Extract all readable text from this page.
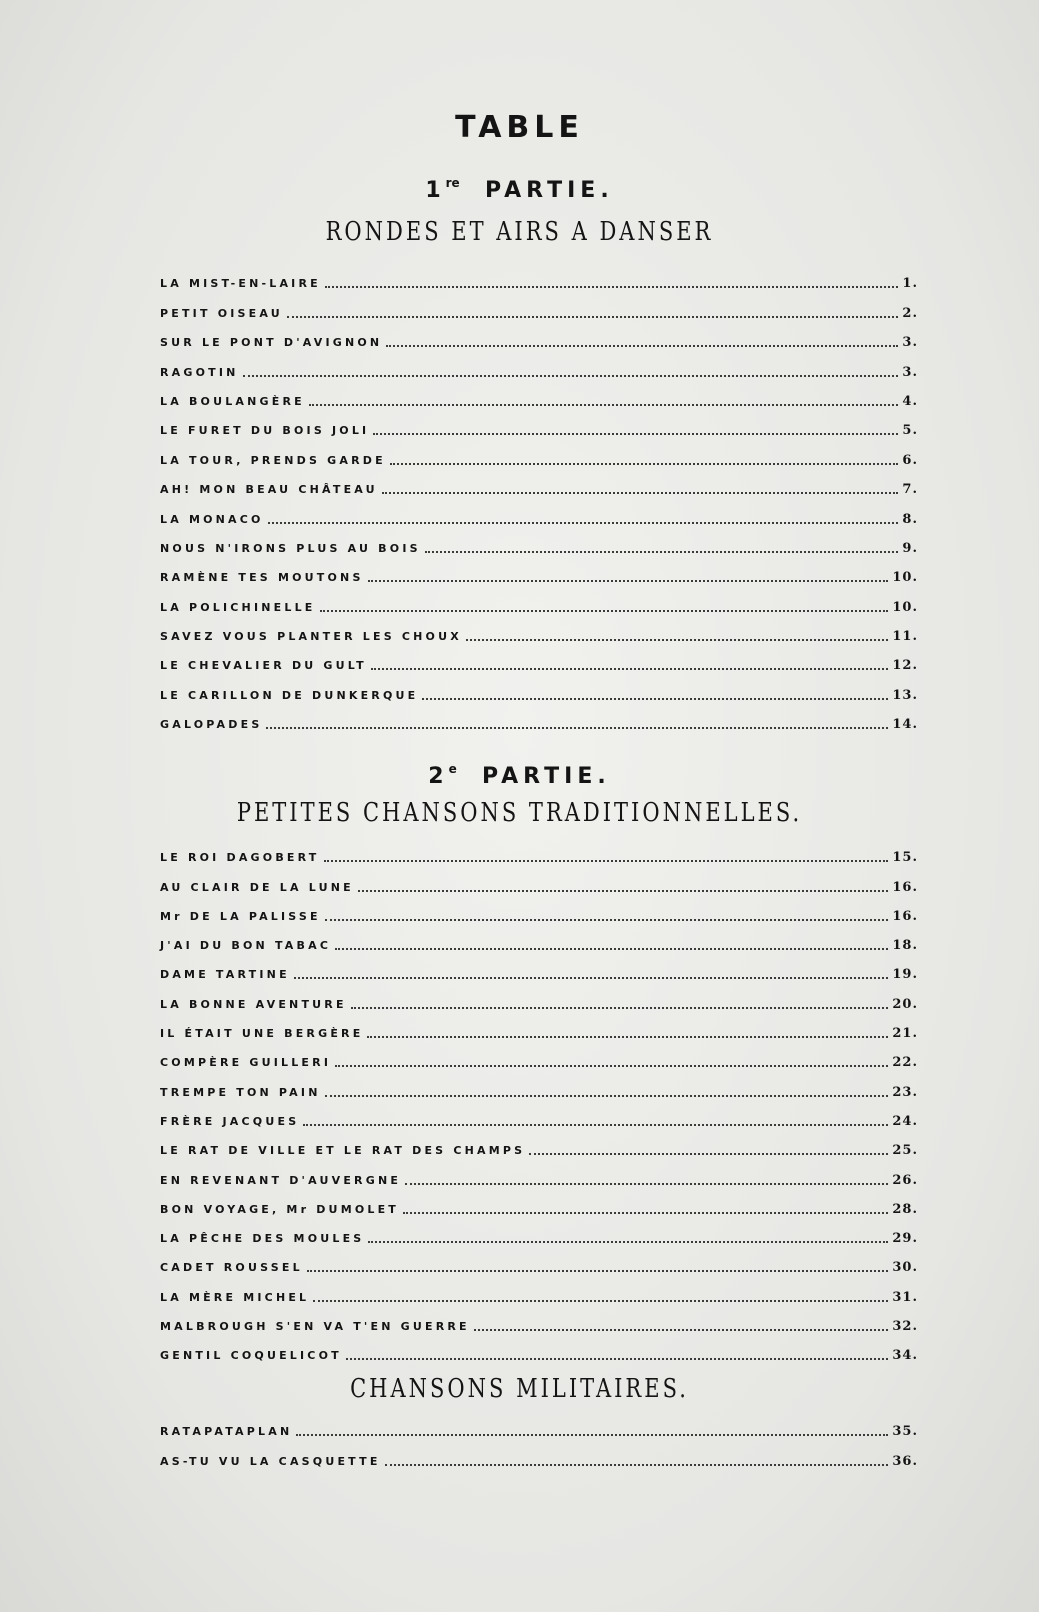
TABLE
1re PARTIE.
RONDES ET AIRS A DANSER
LA MIST-EN-LAIRE	1.
PETIT OISEAU	2.
SUR LE PONT D'AVIGNON	3.
RAGOTIN	3.
LA BOULANGÈRE	4.
LE FURET DU BOIS JOLI	5.
LA TOUR, PRENDS GARDE	6.
AH! MON BEAU CHÂTEAU	7.
LA MONACO	8.
NOUS N'IRONS PLUS AU BOIS	9.
RAMÈNE TES MOUTONS	10.
LA POLICHINELLE	10.
SAVEZ VOUS PLANTER LES CHOUX	11.
LE CHEVALIER DU GULT	12.
LE CARILLON DE DUNKERQUE	13.
GALOPADES	14.
2e PARTIE.
PETITES CHANSONS TRADITIONNELLES.
LE ROI DAGOBERT	15.
AU CLAIR DE LA LUNE	16.
Mr DE LA PALISSE	16.
J'AI DU BON TABAC	18.
DAME TARTINE	19.
LA BONNE AVENTURE	20.
IL ÉTAIT UNE BERGÈRE	21.
COMPÈRE GUILLERI	22.
TREMPE TON PAIN	23.
FRÈRE JACQUES	24.
LE RAT DE VILLE ET LE RAT DES CHAMPS	25.
EN REVENANT D'AUVERGNE	26.
BON VOYAGE, Mr DUMOLET	28.
LA PÊCHE DES MOULES	29.
CADET ROUSSEL	30.
LA MÈRE MICHEL	31.
MALBROUGH S'EN VA T'EN GUERRE	32.
GENTIL COQUELICOT	34.
CHANSONS MILITAIRES.
RATAPATAPLAN	35.
AS-TU VU LA CASQUETTE	36.
